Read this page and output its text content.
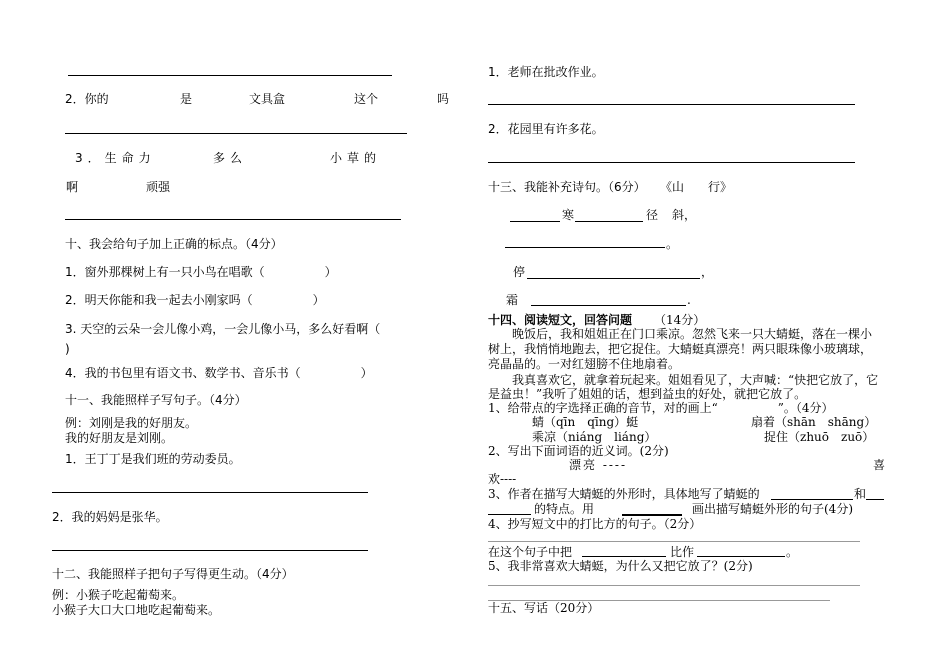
2．你的	是	文具盒	这个	吗
3．生命力	多么	小草的
啊	顽强
十、我会给句子加上正确的标点。（4分）
1．窗外那棵树上有一只小鸟在唱歌（　　　　　）
2．明天你能和我一起去小刚家吗（　　　　　）
3. 天空的云朵一会儿像小鸡，一会儿像小马，多么好看啊（
)
4．我的书包里有语文书、数学书、音乐书（　　　　　）
十一、我能照样子写句子。（4分）
例：刘刚是我的好朋友。
我的好朋友是刘刚。
1．王丁丁是我们班的劳动委员。
2．我的妈妈是张华。
十二、我能照样子把句子写得更生动。（4分）
例：小猴子吃起葡萄来。
小猴子大口大口地吃起葡萄来。
1．老师在批改作业。
2．花园里有许多花。
十三、我能补充诗句。（6分） 《山　　行》
寒	径 斜，
。
停	，
霜	.
十四、阅读短文，回答问题 （14分）
晚饭后，我和姐姐正在门口乘凉。忽然飞来一只大蜻蜓，落在一棵小
树上，我悄悄地跑去，把它捉住。大蜻蜓真漂亮！两只眼珠像小玻璃球，
亮晶晶的。一对红翅膀不住地扇着。
我真喜欢它，就拿着玩起来。姐姐看见了，大声喊：“快把它放了，它
是益虫！”我听了姐姐的话，想到益虫的好处，就把它放了。
1、给带点的字选择正确的音节，对的画上“　　　　　”。（4分）
蜻（qīn　qīng）蜓	扇着（shān　shāng）
乘凉（niáng　liáng）	捉住（zhuō　zuō）
2、写出下面词语的近义词。(2分)
漂亮 ----	喜
欢----
3、作者在描写大蜻蜓的外形时，具体地写了蜻蜓的	和
的特点。用	画出描写蜻蜓外形的句子(4分)
4、抄写短文中的打比方的句子。（2分）
在这个句子中把	比作	。
5、我非常喜欢大蜻蜓，为什么又把它放了？(2分)
十五、写话（20分）
